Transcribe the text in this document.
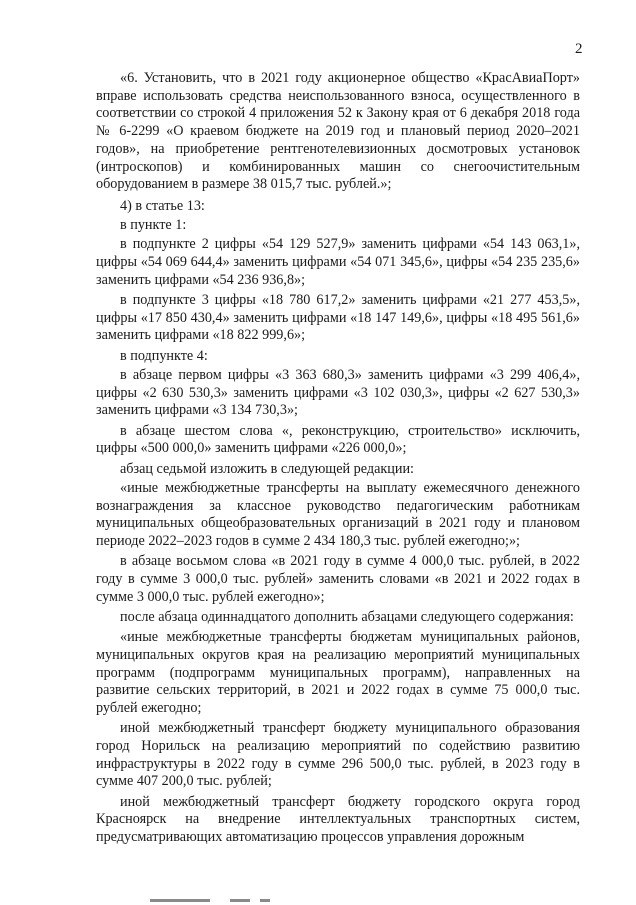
2

«6. Установить, что в 2021 году акционерное общество «КрасАвиаПорт» вправе использовать средства неиспользованного взноса, осуществленного в соответствии со строкой 4 приложения 52 к Закону края от 6 декабря 2018 года № 6-2299 «О краевом бюджете на 2019 год и плановый период 2020–2021 годов», на приобретение рентгенотелевизионных досмотровых установок (интроскопов) и комбинированных машин со снегоочистительным оборудованием в размере 38 015,7 тыс. рублей.»;

4) в статье 13:

в пункте 1:

в подпункте 2 цифры «54 129 527,9» заменить цифрами «54 143 063,1», цифры «54 069 644,4» заменить цифрами «54 071 345,6», цифры «54 235 235,6» заменить цифрами «54 236 936,8»;

в подпункте 3 цифры «18 780 617,2» заменить цифрами «21 277 453,5», цифры «17 850 430,4» заменить цифрами «18 147 149,6», цифры «18 495 561,6» заменить цифрами «18 822 999,6»;

в подпункте 4:

в абзаце первом цифры «3 363 680,3» заменить цифрами «3 299 406,4», цифры «2 630 530,3» заменить цифрами «3 102 030,3», цифры «2 627 530,3» заменить цифрами «3 134 730,3»;

в абзаце шестом слова «, реконструкцию, строительство» исключить, цифры «500 000,0» заменить цифрами «226 000,0»;

абзац седьмой изложить в следующей редакции:

«иные межбюджетные трансферты на выплату ежемесячного денежного вознаграждения за классное руководство педагогическим работникам муниципальных общеобразовательных организаций в 2021 году и плановом периоде 2022–2023 годов в сумме 2 434 180,3 тыс. рублей ежегодно;»;

в абзаце восьмом слова «в 2021 году в сумме 4 000,0 тыс. рублей, в 2022 году в сумме 3 000,0 тыс. рублей» заменить словами «в 2021 и 2022 годах в сумме 3 000,0 тыс. рублей ежегодно»;

после абзаца одиннадцатого дополнить абзацами следующего содержания:

«иные межбюджетные трансферты бюджетам муниципальных районов, муниципальных округов края на реализацию мероприятий муниципальных программ (подпрограмм муниципальных программ), направленных на развитие сельских территорий, в 2021 и 2022 годах в сумме 75 000,0 тыс. рублей ежегодно;

иной межбюджетный трансферт бюджету муниципального образования город Норильск на реализацию мероприятий по содействию развитию инфраструктуры в 2022 году в сумме 296 500,0 тыс. рублей, в 2023 году в сумме 407 200,0 тыс. рублей;

иной межбюджетный трансферт бюджету городского округа город Красноярск на внедрение интеллектуальных транспортных систем, предусматривающих автоматизацию процессов управления дорожным
